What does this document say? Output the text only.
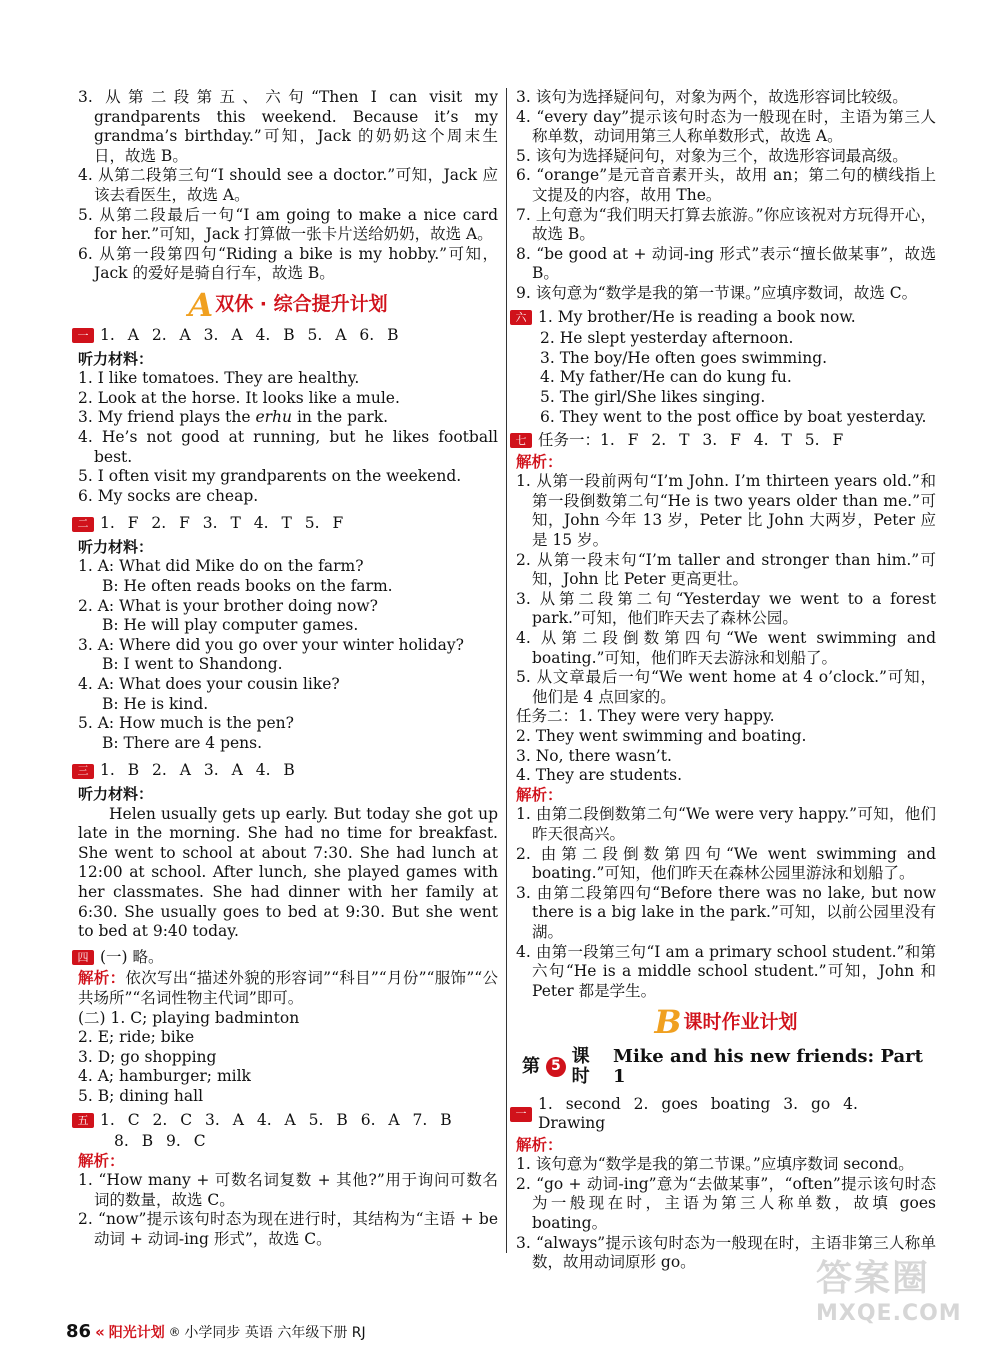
3. 从第二段第五、六句“Then I can visit my grandparents this weekend. Because it’s my grandma’s birthday.”可知，Jack 的奶奶这个周末生日，故选 B。

4. 从第二段第三句“I should see a doctor.”可知，Jack 应该去看医生，故选 A。

5. 从第二段最后一句“I am going to make a nice card for her.”可知，Jack 打算做一张卡片送给奶奶，故选 A。

6. 从第一段第四句“Riding a bike is my hobby.”可知，Jack 的爱好是骑自行车，故选 B。

A 双休 · 综合提升计划
一 1. A 2. A 3. A 4. B 5. A 6. B

听力材料：

1. I like tomatoes. They are healthy.

2. Look at the horse. It looks like a mule.

3. My friend plays the erhu in the park.

4. He’s not good at running, but he likes football best.

5. I often visit my grandparents on the weekend.

6. My socks are cheap.

二 1. F 2. F 3. T 4. T 5. F

听力材料：

1. A: What did Mike do on the farm?

B: He often reads books on the farm.

2. A: What is your brother doing now?

B: He will play computer games.

3. A: Where did you go over your winter holiday?

B: I went to Shandong.

4. A: What does your cousin like?

B: He is kind.

5. A: How much is the pen?

B: There are 4 pens.

三 1. B 2. A 3. A 4. B

听力材料：

Helen usually gets up early. But today she got up late in the morning. She had no time for breakfast. She went to school at about 7:30. She had lunch at 12:00 at school. After lunch, she played games with her classmates. She had dinner with her family at 6:30. She usually goes to bed at 9:30. But she went to bed at 9:40 today.

四 (一) 略。

解析：依次写出“描述外貌的形容词”“科目”“月份”“服饰”“公共场所”“名词性物主代词”即可。

(二) 1. C; playing badminton

2. E; ride; bike

3. D; go shopping

4. A; hamburger; milk

5. B; dining hall

五 1. C 2. C 3. A 4. A 5. B 6. A 7. B

8. B 9. C

解析：

1. “How many + 可数名词复数 + 其他?”用于询问可数名词的数量，故选 C。

2. “now”提示该句时态为现在进行时，其结构为“主语 + be 动词 + 动词-ing 形式”，故选 C。

3. 该句为选择疑问句，对象为两个，故选形容词比较级。

4. “every day”提示该句时态为一般现在时，主语为第三人称单数，动词用第三人称单数形式，故选 A。

5. 该句为选择疑问句，对象为三个，故选形容词最高级。

6. “orange”是元音音素开头，故用 an；第二句的横线指上文提及的内容，故用 The。

7. 上句意为“我们明天打算去旅游。”你应该祝对方玩得开心，故选 B。

8. “be good at + 动词-ing 形式”表示“擅长做某事”，故选 B。

9. 该句意为“数学是我的第一节课。”应填序数词，故选 C。

六 1. My brother/He is reading a book now.

2. He slept yesterday afternoon.

3. The boy/He often goes swimming.

4. My father/He can do kung fu.

5. The girl/She likes singing.

6. They went to the post office by boat yesterday.

七 任务一：1. F 2. T 3. F 4. T 5. F

解析：

1. 从第一段前两句“I’m John. I’m thirteen years old.”和第一段倒数第二句“He is two years older than me.”可知，John 今年 13 岁，Peter 比 John 大两岁，Peter 应是 15 岁。

2. 从第一段末句“I’m taller and stronger than him.”可知，John 比 Peter 更高更壮。

3. 从第二段第二句“Yesterday we went to a forest park.”可知，他们昨天去了森林公园。

4. 从第二段倒数第四句“We went swimming and boating.”可知，他们昨天去游泳和划船了。

5. 从文章最后一句“We went home at 4 o’clock.”可知，他们是 4 点回家的。

任务二：1. They were very happy.

2. They went swimming and boating.

3. No, there wasn’t.

4. They are students.

解析：

1. 由第二段倒数第二句“We were very happy.”可知，他们昨天很高兴。

2. 由第二段倒数第四句“We went swimming and boating.”可知，他们昨天在森林公园里游泳和划船了。

3. 由第二段第四句“Before there was no lake, but now there is a big lake in the park.”可知，以前公园里没有湖。

4. 由第一段第三句“I am a primary school student.”和第六句“He is a middle school student.”可知，John 和 Peter 都是学生。

B 课时作业计划
第 5 课时
Mike and his new friends: Part 1
一
1. second 2. goes boating 3. go 4. Drawing

解析：

1. 该句意为“数学是我的第二节课。”应填序数词 second。

2. “go + 动词-ing”意为“去做某事”，“often”提示该句时态为一般现在时，主语为第三人称单数，故填 goes boating。

3. “always”提示该句时态为一般现在时，主语非第三人称单数，故用动词原形 go。

86 « 阳光计划 ® 小学同步 英语 六年级下册 RJ
答案圈
MXQE.COM
